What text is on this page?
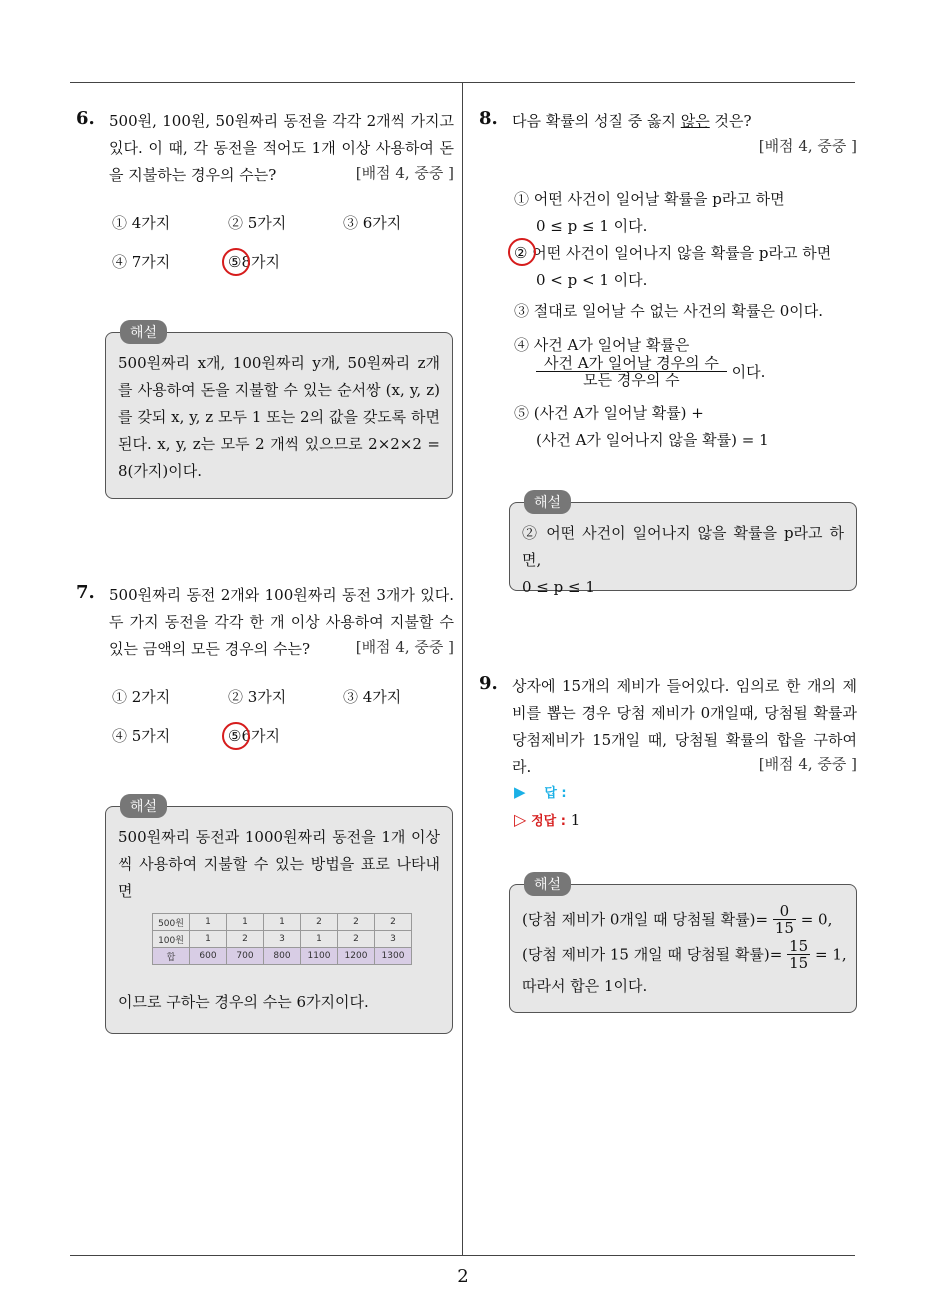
6. 500원, 100원, 50원짜리 동전을 각각 2개씩 가지고 있다. 이 때, 각 동전을 적어도 1개 이상 사용하여 돈을 지불하는 경우의 수는?	[배점 4, 중중 ]
① 4가지	② 5가지	③ 6가지
④ 7가지	⑤8가지
해설
500원짜리 x개, 100원짜리 y개, 50원짜리 z개를 사용하여 돈을 지불할 수 있는 순서쌍 (x, y, z)를 갖되 x, y, z 모두 1 또는 2의 값을 갖도록 하면 된다. x, y, z는 모두 2 개씩 있으므로 2×2×2 = 8(가지)이다.
7. 500원짜리 동전 2개와 100원짜리 동전 3개가 있다. 두 가지 동전을 각각 한 개 이상 사용하여 지불할 수 있는 금액의 모든 경우의 수는?	[배점 4, 중중 ]
① 2가지	② 3가지	③ 4가지
④ 5가지	⑤6가지
해설
500원짜리 동전과 1000원짜리 동전을 1개 이상씩 사용하여 지불할 수 있는 방법을 표로 나타내면
500원	1	1	1	2	2	2
100원	1	2	3	1	2	3
합	600	700	800	1100	1200	1300
이므로 구하는 경우의 수는 6가지이다.
8. 다음 확률의 성질 중 옳지 않은 것은?
[배점 4, 중중 ]
① 어떤 사건이 일어날 확률을 p라고 하면
0 ≤ p ≤ 1 이다.
② 어떤 사건이 일어나지 않을 확률을 p라고 하면
0 < p < 1 이다.
③ 절대로 일어날 수 없는 사건의 확률은 0이다.
④ 사건 A가 일어날 확률은
$\frac{\text{사건 A가 일어날 경우의 수}}{\text{모든 경우의 수}}$ 이다.
⑤ (사건 A가 일어날 확률) +
(사건 A가 일어나지 않을 확률) = 1
해설
② 어떤 사건이 일어나지 않을 확률을 p라고 하면,
0 ≤ p ≤ 1
9. 상자에 15개의 제비가 들어있다. 임의로 한 개의 제비를 뽑는 경우 당첨 제비가 0개일때, 당첨될 확률과 당첨제비가 15개일 때, 당첨될 확률의 합을 구하여라.	[배점 4, 중중 ]
▶ 답 :
▷ 정답 : 1
해설
(당첨 제비가 0개일 때 당첨될 확률)= $\frac{0}{15} = 0$,
(당첨 제비가 15 개일 때 당첨될 확률)= $\frac{15}{15} = 1$,
따라서 합은 1이다.
2
